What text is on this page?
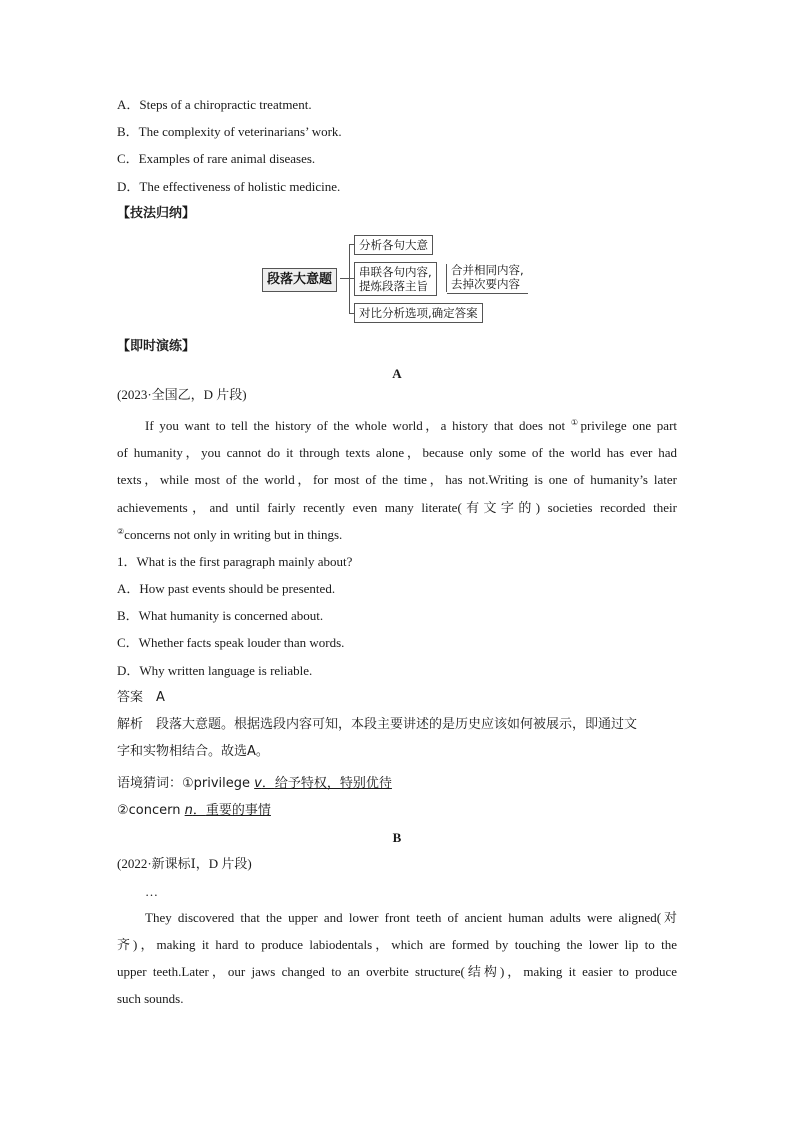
A．Steps of a chiropractic treatment.
B．The complexity of veterinarians’ work.
C．Examples of rare animal diseases.
D．The effectiveness of holistic medicine.
【技法归纳】
段落大意题
分析各句大意
串联各句内容,
提炼段落主旨
合并相同内容,
去掉次要内容
对比分析选项,确定答案
【即时演练】
A
(2023·全国乙，D 片段)
If you want to tell the history of the whole world，a history that does not ①privilege one part
of humanity，you cannot do it through texts alone，because only some of the world has ever had
texts，while most of the world，for most of the time，has not.Writing is one of humanity’s later
achievements，and until fairly recently even many literate(有文字的) societies recorded their
②concerns not only in writing but in things.
1．What is the first paragraph mainly about?
A．How past events should be presented.
B．What humanity is concerned about.
C．Whether facts speak louder than words.
D．Why written language is reliable.
答案　A
解析　段落大意题。根据选段内容可知，本段主要讲述的是历史应该如何被展示，即通过文
字和实物相结合。故选A。
语境猜词：①privilege v．给予特权，特别优待
②concern n．重要的事情
B
(2022·新课标Ⅰ，D 片段)
…
They discovered that the upper and lower front teeth of ancient human adults were aligned(对
齐)，making it hard to produce labiodentals，which are formed by touching the lower lip to the
upper teeth.Later，our jaws changed to an overbite structure(结构)，making it easier to produce
such sounds.
